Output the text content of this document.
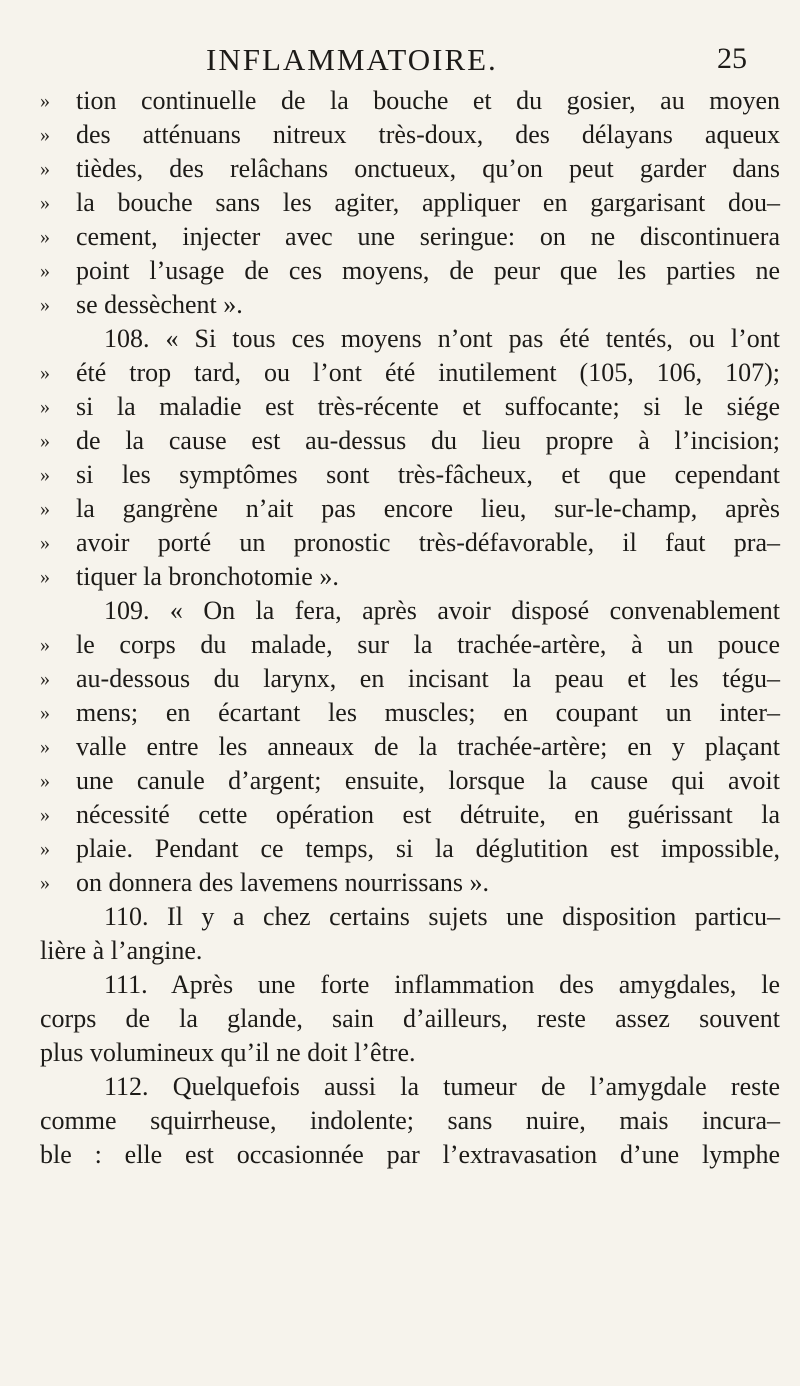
INFLAMMATOIRE.	25
»	tion continuelle de la bouche et du gosier, au moyen
»	des atténuans nitreux très-doux, des délayans aqueux
»	tièdes, des relâchans onctueux, qu’on peut garder dans
»	la bouche sans les agiter, appliquer en gargarisant dou–
»	cement, injecter avec une seringue: on ne discontinuera
»	point l’usage de ces moyens, de peur que les parties ne
»	se dessèchent ».
108. « Si tous ces moyens n’ont pas été tentés, ou l’ont
»	été trop tard, ou l’ont été inutilement (105, 106, 107);
»	si la maladie est très-récente et suffocante; si le siége
»	de la cause est au-dessus du lieu propre à l’incision;
»	si les symptômes sont très-fâcheux, et que cependant
»	la gangrène n’ait pas encore lieu, sur-le-champ, après
»	avoir porté un pronostic très-défavorable, il faut pra–
»	tiquer la bronchotomie ».
109. « On la fera, après avoir disposé convenablement
»	le corps du malade, sur la trachée-artère, à un pouce
»	au-dessous du larynx, en incisant la peau et les tégu–
»	mens; en écartant les muscles; en coupant un inter–
»	valle entre les anneaux de la trachée-artère; en y plaçant
»	une canule d’argent; ensuite, lorsque la cause qui avoit
»	nécessité cette opération est détruite, en guérissant la
»	plaie. Pendant ce temps, si la déglutition est impossible,
»	on donnera des lavemens nourrissans ».
110. Il y a chez certains sujets une disposition particu–
lière à l’angine.
111. Après une forte inflammation des amygdales, le
corps de la glande, sain d’ailleurs, reste assez souvent
plus volumineux qu’il ne doit l’être.
112. Quelquefois aussi la tumeur de l’amygdale reste
comme squirrheuse, indolente; sans nuire, mais incura–
ble : elle est occasionnée par l’extravasation d’une lymphe
